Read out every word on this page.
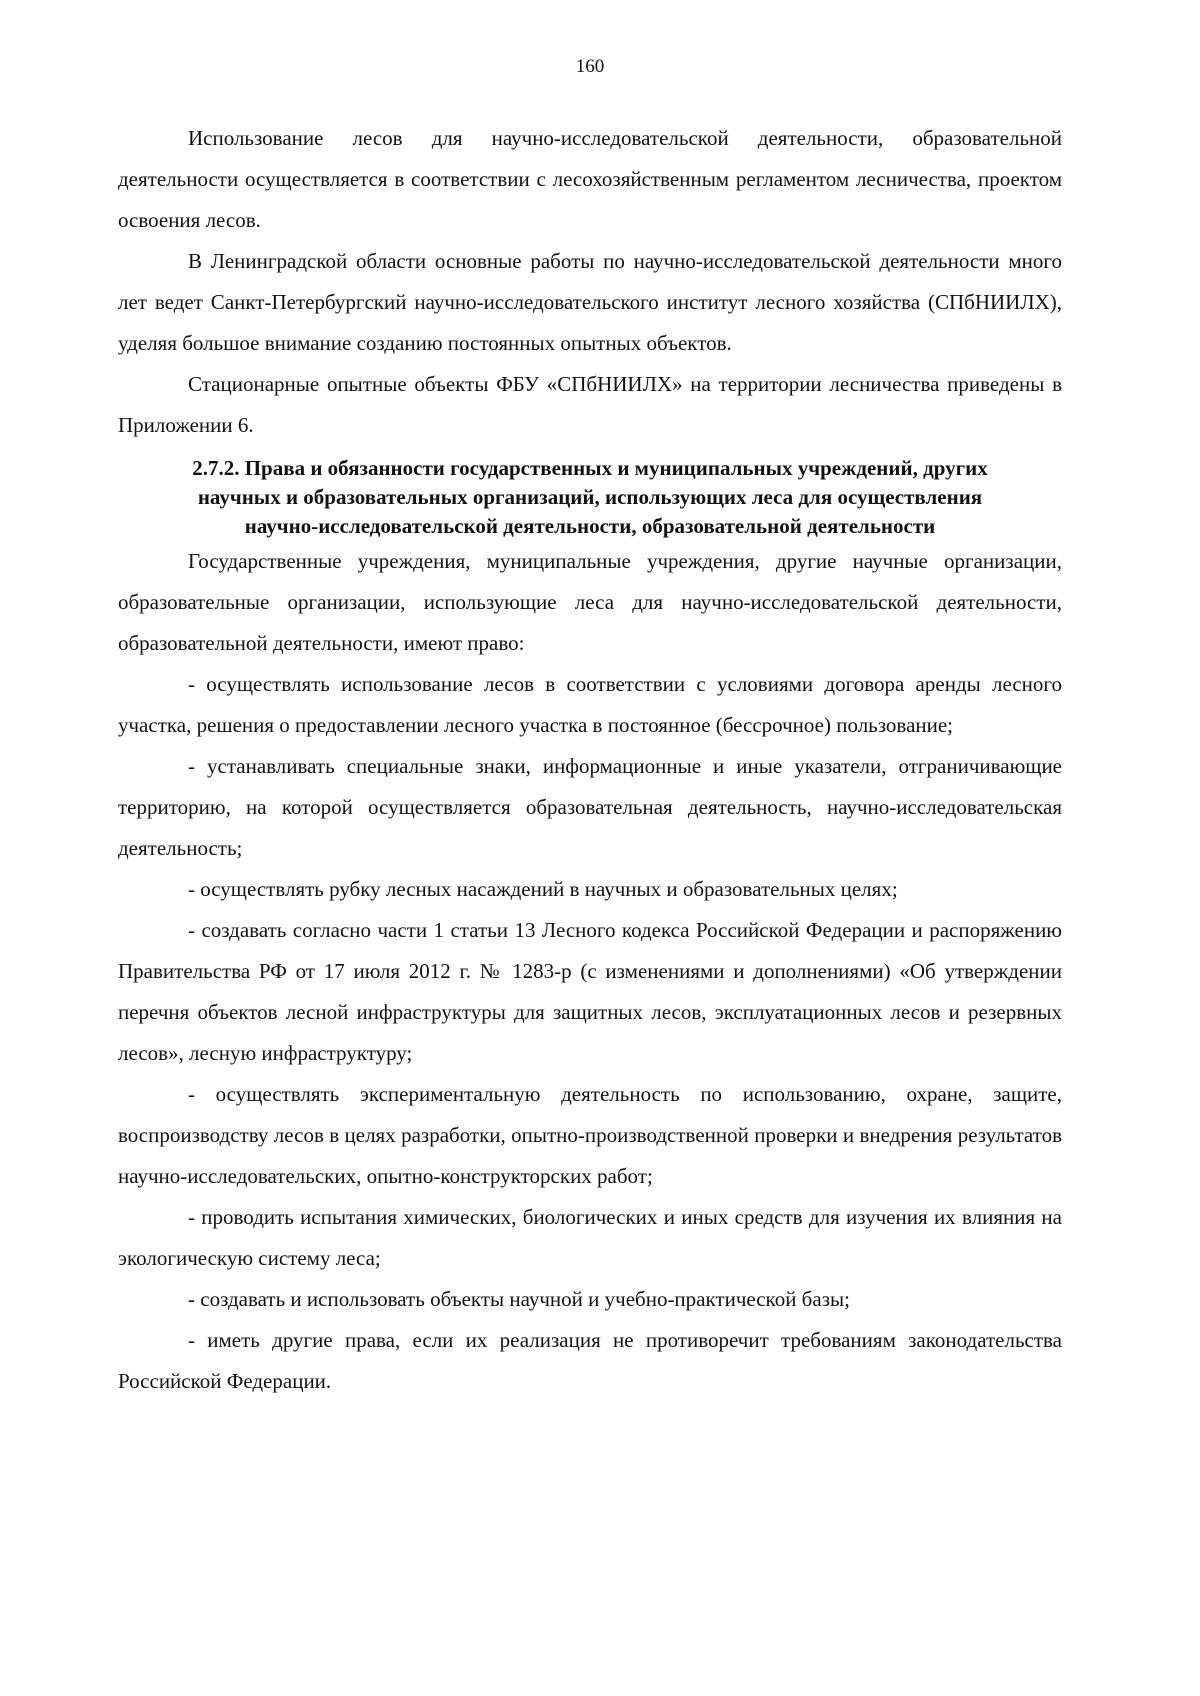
160

Использование лесов для научно-исследовательской деятельности, образовательной деятельности осуществляется в соответствии с лесохозяйственным регламентом лесничества, проектом освоения лесов.

В Ленинградской области основные работы по научно-исследовательской деятельности много лет ведет Санкт-Петербургский научно-исследовательского институт лесного хозяйства (СПбНИИЛХ), уделяя большое внимание созданию постоянных опытных объектов.

Стационарные опытные объекты ФБУ «СПбНИИЛХ» на территории лесничества приведены в Приложении 6.

2.7.2. Права и обязанности государственных и муниципальных учреждений, других
научных и образовательных организаций, использующих леса для осуществления
научно-исследовательской деятельности, образовательной деятельности

Государственные учреждения, муниципальные учреждения, другие научные организации, образовательные организации, использующие леса для научно-исследовательской деятельности, образовательной деятельности, имеют право:

- осуществлять использование лесов в соответствии с условиями договора аренды лесного участка, решения о предоставлении лесного участка в постоянное (бессрочное) пользование;

- устанавливать специальные знаки, информационные и иные указатели, отграничивающие территорию, на которой осуществляется образовательная деятельность, научно-исследовательская деятельность;

- осуществлять рубку лесных насаждений в научных и образовательных целях;

- создавать согласно части 1 статьи 13 Лесного кодекса Российской Федерации и распоряжению Правительства РФ от 17 июля 2012 г. № 1283-р (с изменениями и дополнениями) «Об утверждении перечня объектов лесной инфраструктуры для защитных лесов, эксплуатационных лесов и резервных лесов», лесную инфраструктуру;

- осуществлять экспериментальную деятельность по использованию, охране, защите, воспроизводству лесов в целях разработки, опытно-производственной проверки и внедрения результатов научно-исследовательских, опытно-конструкторских работ;

- проводить испытания химических, биологических и иных средств для изучения их влияния на экологическую систему леса;

- создавать и использовать объекты научной и учебно-практической базы;

- иметь другие права, если их реализация не противоречит требованиям законодательства Российской Федерации.
